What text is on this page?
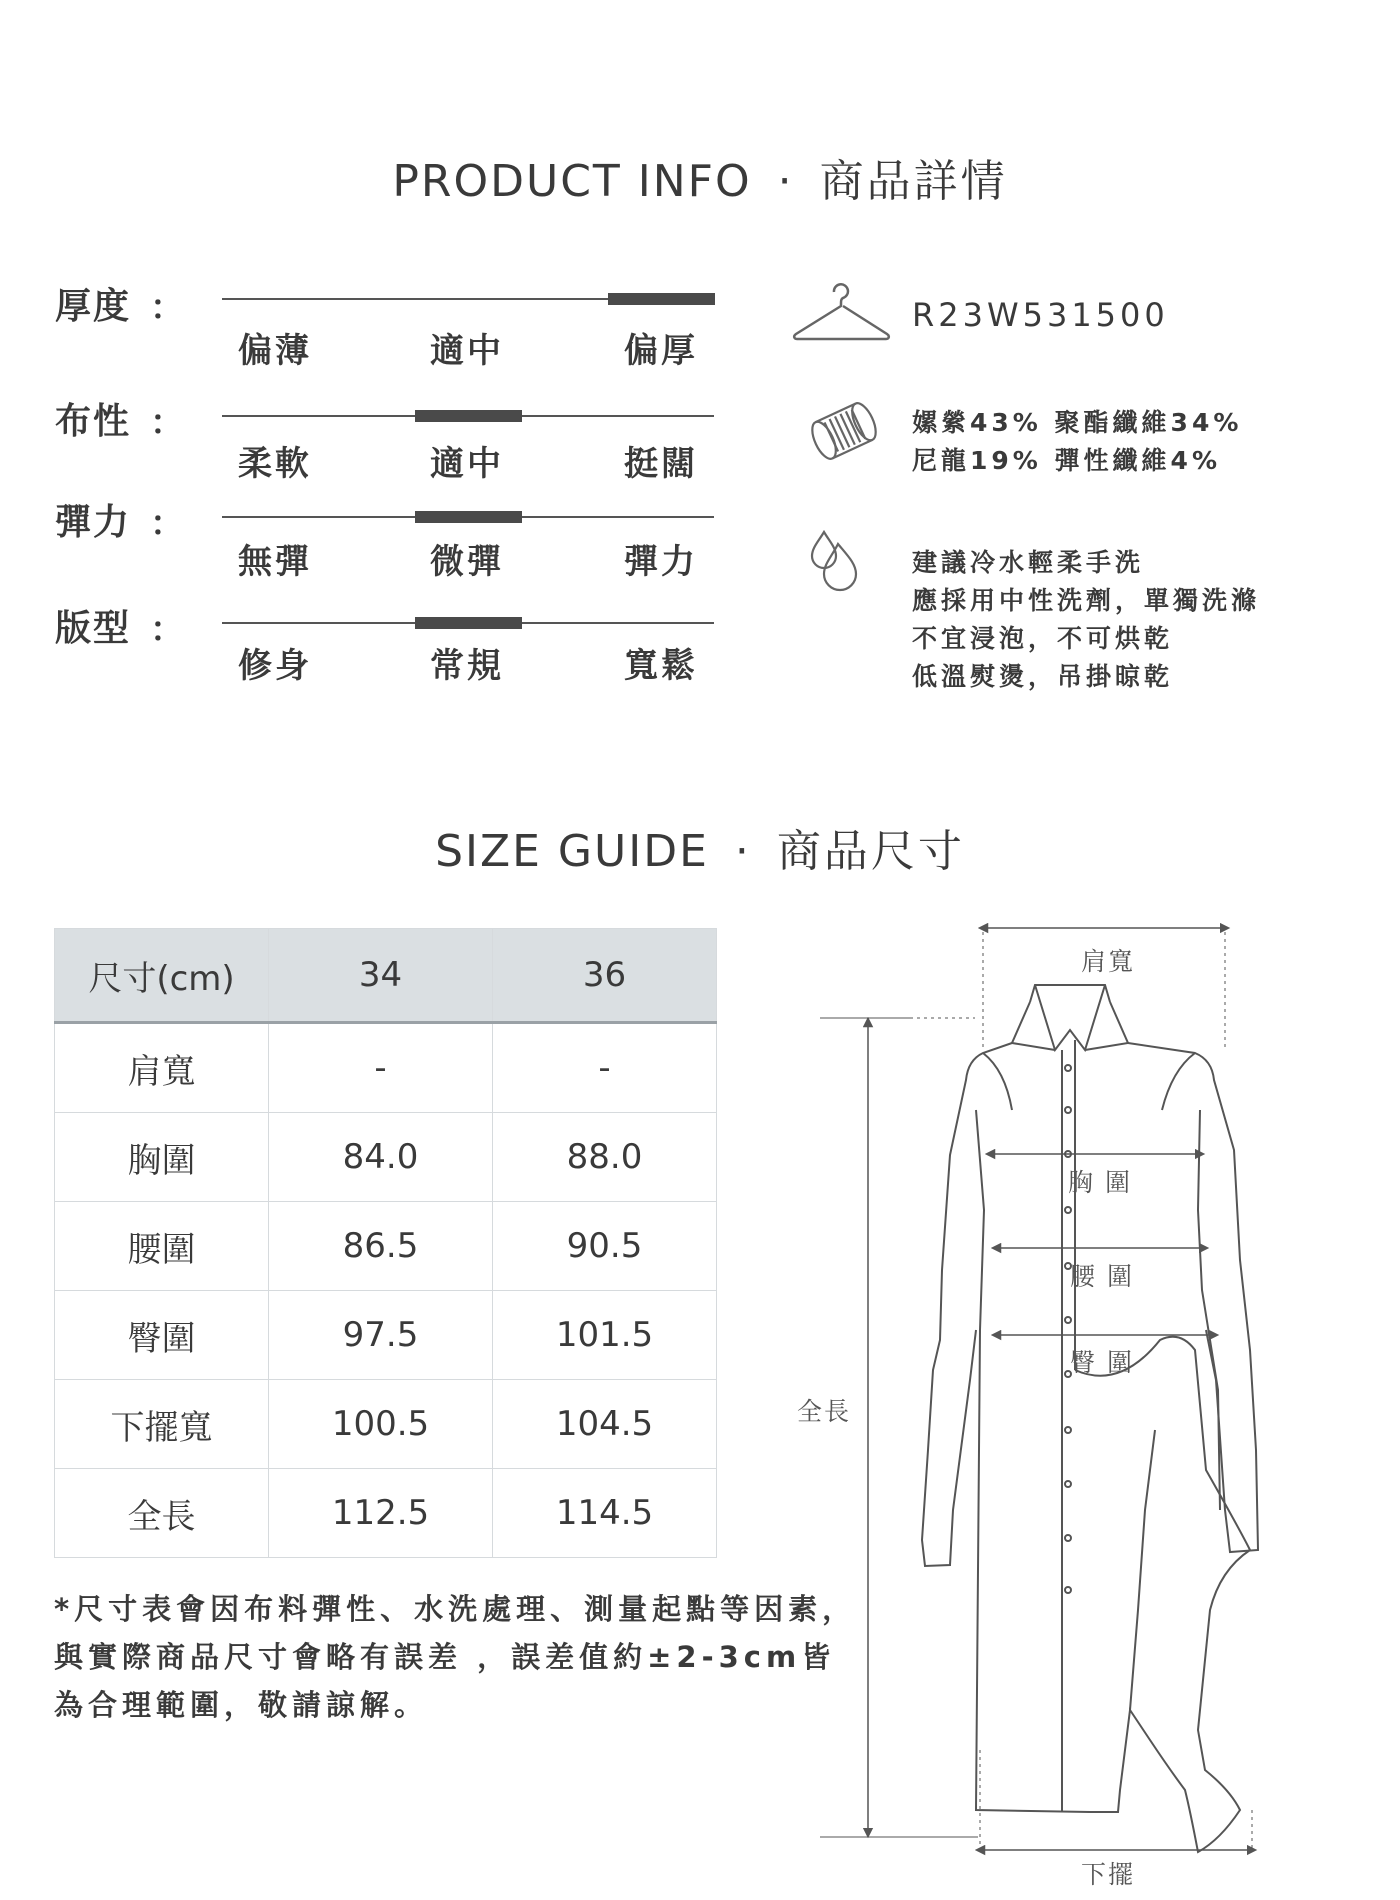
PRODUCT INFO · 商品詳情
厚度 ：
偏薄	適中	偏厚
布性 ：
柔軟	適中	挺闊
彈力 ：
無彈	微彈	彈力
版型 ：
修身	常規	寬鬆
R23W531500
嫘縈43% 聚酯纖維34%
尼龍19% 彈性纖維4%
建議冷水輕柔手洗
應採用中性洗劑，單獨洗滌
不宜浸泡，不可烘乾
低溫熨燙，吊掛晾乾
SIZE GUIDE · 商品尺寸
尺寸(cm)	34	36
肩寬	-	-
胸圍	84.0	88.0
腰圍	86.5	90.5
臀圍	97.5	101.5
下擺寬	100.5	104.5
全長	112.5	114.5
*尺寸表會因布料彈性、水洗處理、測量起點等因素，
與實際商品尺寸會略有誤差 ，誤差值約±2-3cm皆
為合理範圍，敬請諒解。
肩寬
胸 圍
腰 圍
臀 圍
全長
下擺
